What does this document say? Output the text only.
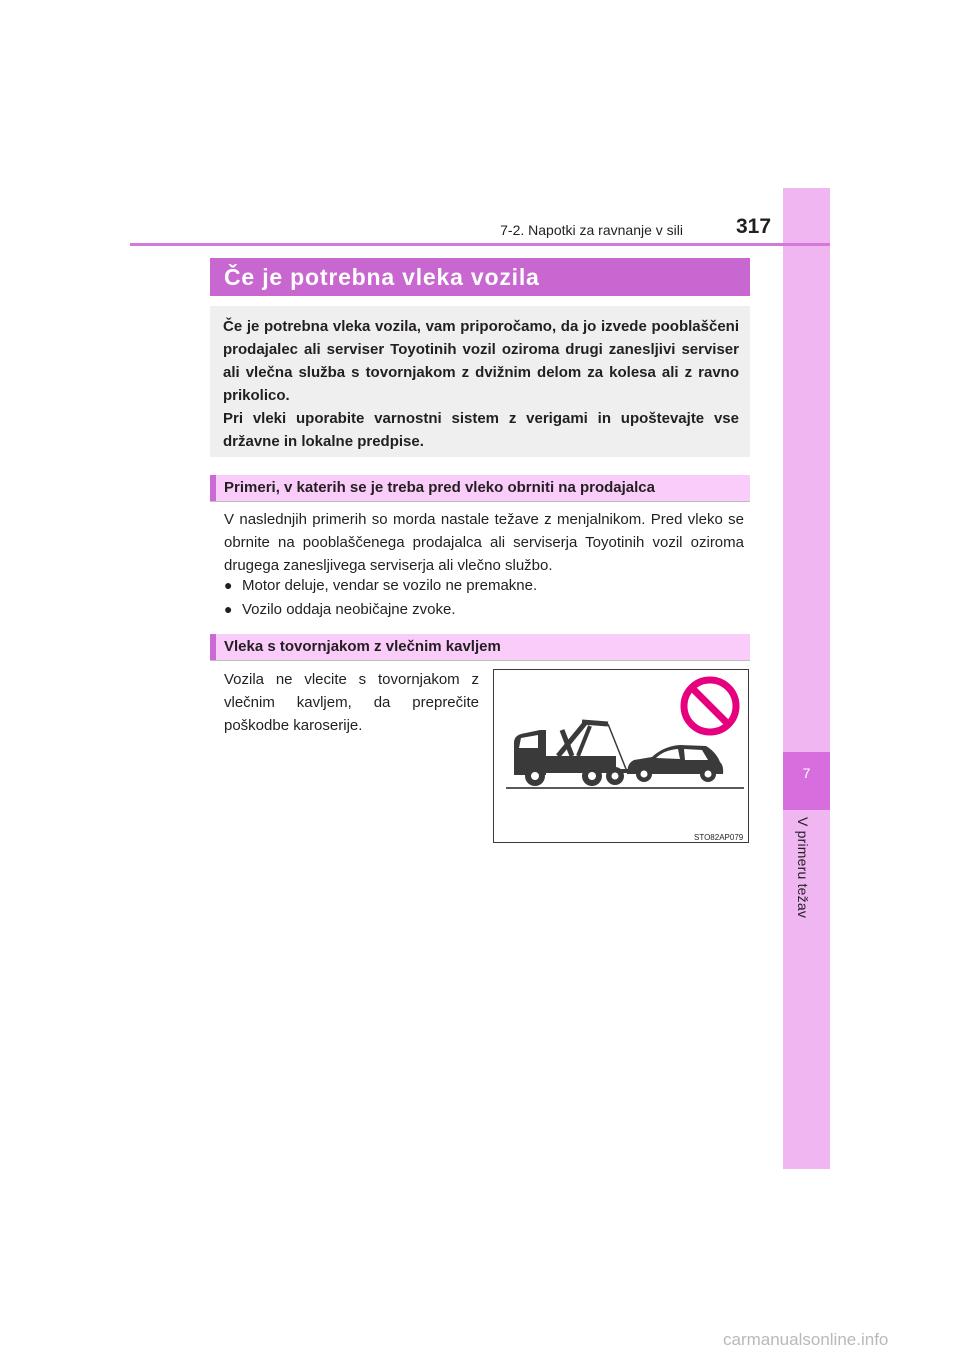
7
V primeru težav
7-2. Napotki za ravnanje v sili	317
Če je potrebna vleka vozila

Če je potrebna vleka vozila, vam priporočamo, da jo izvede pooblaščeni prodajalec ali serviser Toyotinih vozil oziroma drugi zanesljivi serviser ali vlečna služba s tovornjakom z dvižnim delom za kolesa ali z ravno prikolico.

Pri vleki uporabite varnostni sistem z verigami in upoštevajte vse državne in lokalne predpise.

Primeri, v katerih se je treba pred vleko obrniti na prodajalca
V naslednjih primerih so morda nastale težave z menjalnikom. Pred vleko se obrnite na pooblaščenega prodajalca ali serviserja Toyotinih vozil oziroma drugega zanesljivega serviserja ali vlečno službo.
● Motor deluje, vendar se vozilo ne premakne.
● Vozilo oddaja neobičajne zvoke.
Vleka s tovornjakom z vlečnim kavljem
Vozila ne vlecite s tovornjakom z vlečnim kavljem, da preprečite poškodbe karoserije.
STO82AP079
carmanualsonline.info
